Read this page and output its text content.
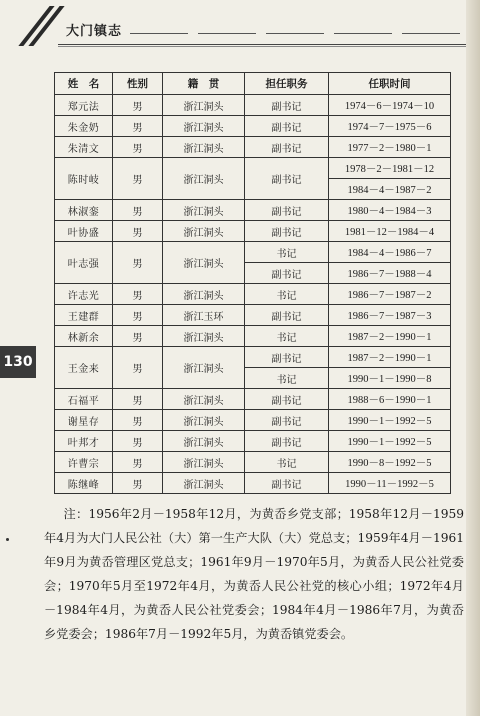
大门镇志
130
姓　名	性别	籍　贯	担任职务	任职时间
郑元法	男	浙江洞头	副书记	1974－6－1974－10
朱金奶	男	浙江洞头	副书记	1974－7－1975－6
朱清文	男	浙江洞头	副书记	1977－2－1980－1
陈时岐	男	浙江洞头	副书记	1978－2－1981－12
				1984－4－1987－2
林淑銮	男	浙江洞头	副书记	1980－4－1984－3
叶协盛	男	浙江洞头	副书记	1981－12－1984－4
叶志强	男	浙江洞头	书记	1984－4－1986－7
			副书记	1986－7－1988－4
许志光	男	浙江洞头	书记	1986－7－1987－2
王建群	男	浙江玉环	副书记	1986－7－1987－3
林新余	男	浙江洞头	书记	1987－2－1990－1
王金来	男	浙江洞头	副书记	1987－2－1990－1
			书记	1990－1－1990－8
石福平	男	浙江洞头	副书记	1988－6－1990－1
谢星存	男	浙江洞头	副书记	1990－1－1992－5
叶邦才	男	浙江洞头	副书记	1990－1－1992－5
许曹宗	男	浙江洞头	书记	1990－8－1992－5
陈继峰	男	浙江洞头	副书记	1990－11－1992－5
注：1956年2月－1958年12月，为黄岙乡党支部；1958年12月－1959年4月为大门人民公社（大）第一生产大队（大）党总支；1959年4月－1961年9月为黄岙管理区党总支；1961年9月－1970年5月，为黄岙人民公社党委会；1970年5月至1972年4月，为黄岙人民公社党的核心小组；1972年4月－1984年4月，为黄岙人民公社党委会；1984年4月－1986年7月，为黄岙乡党委会；1986年7月－1992年5月，为黄岙镇党委会。
